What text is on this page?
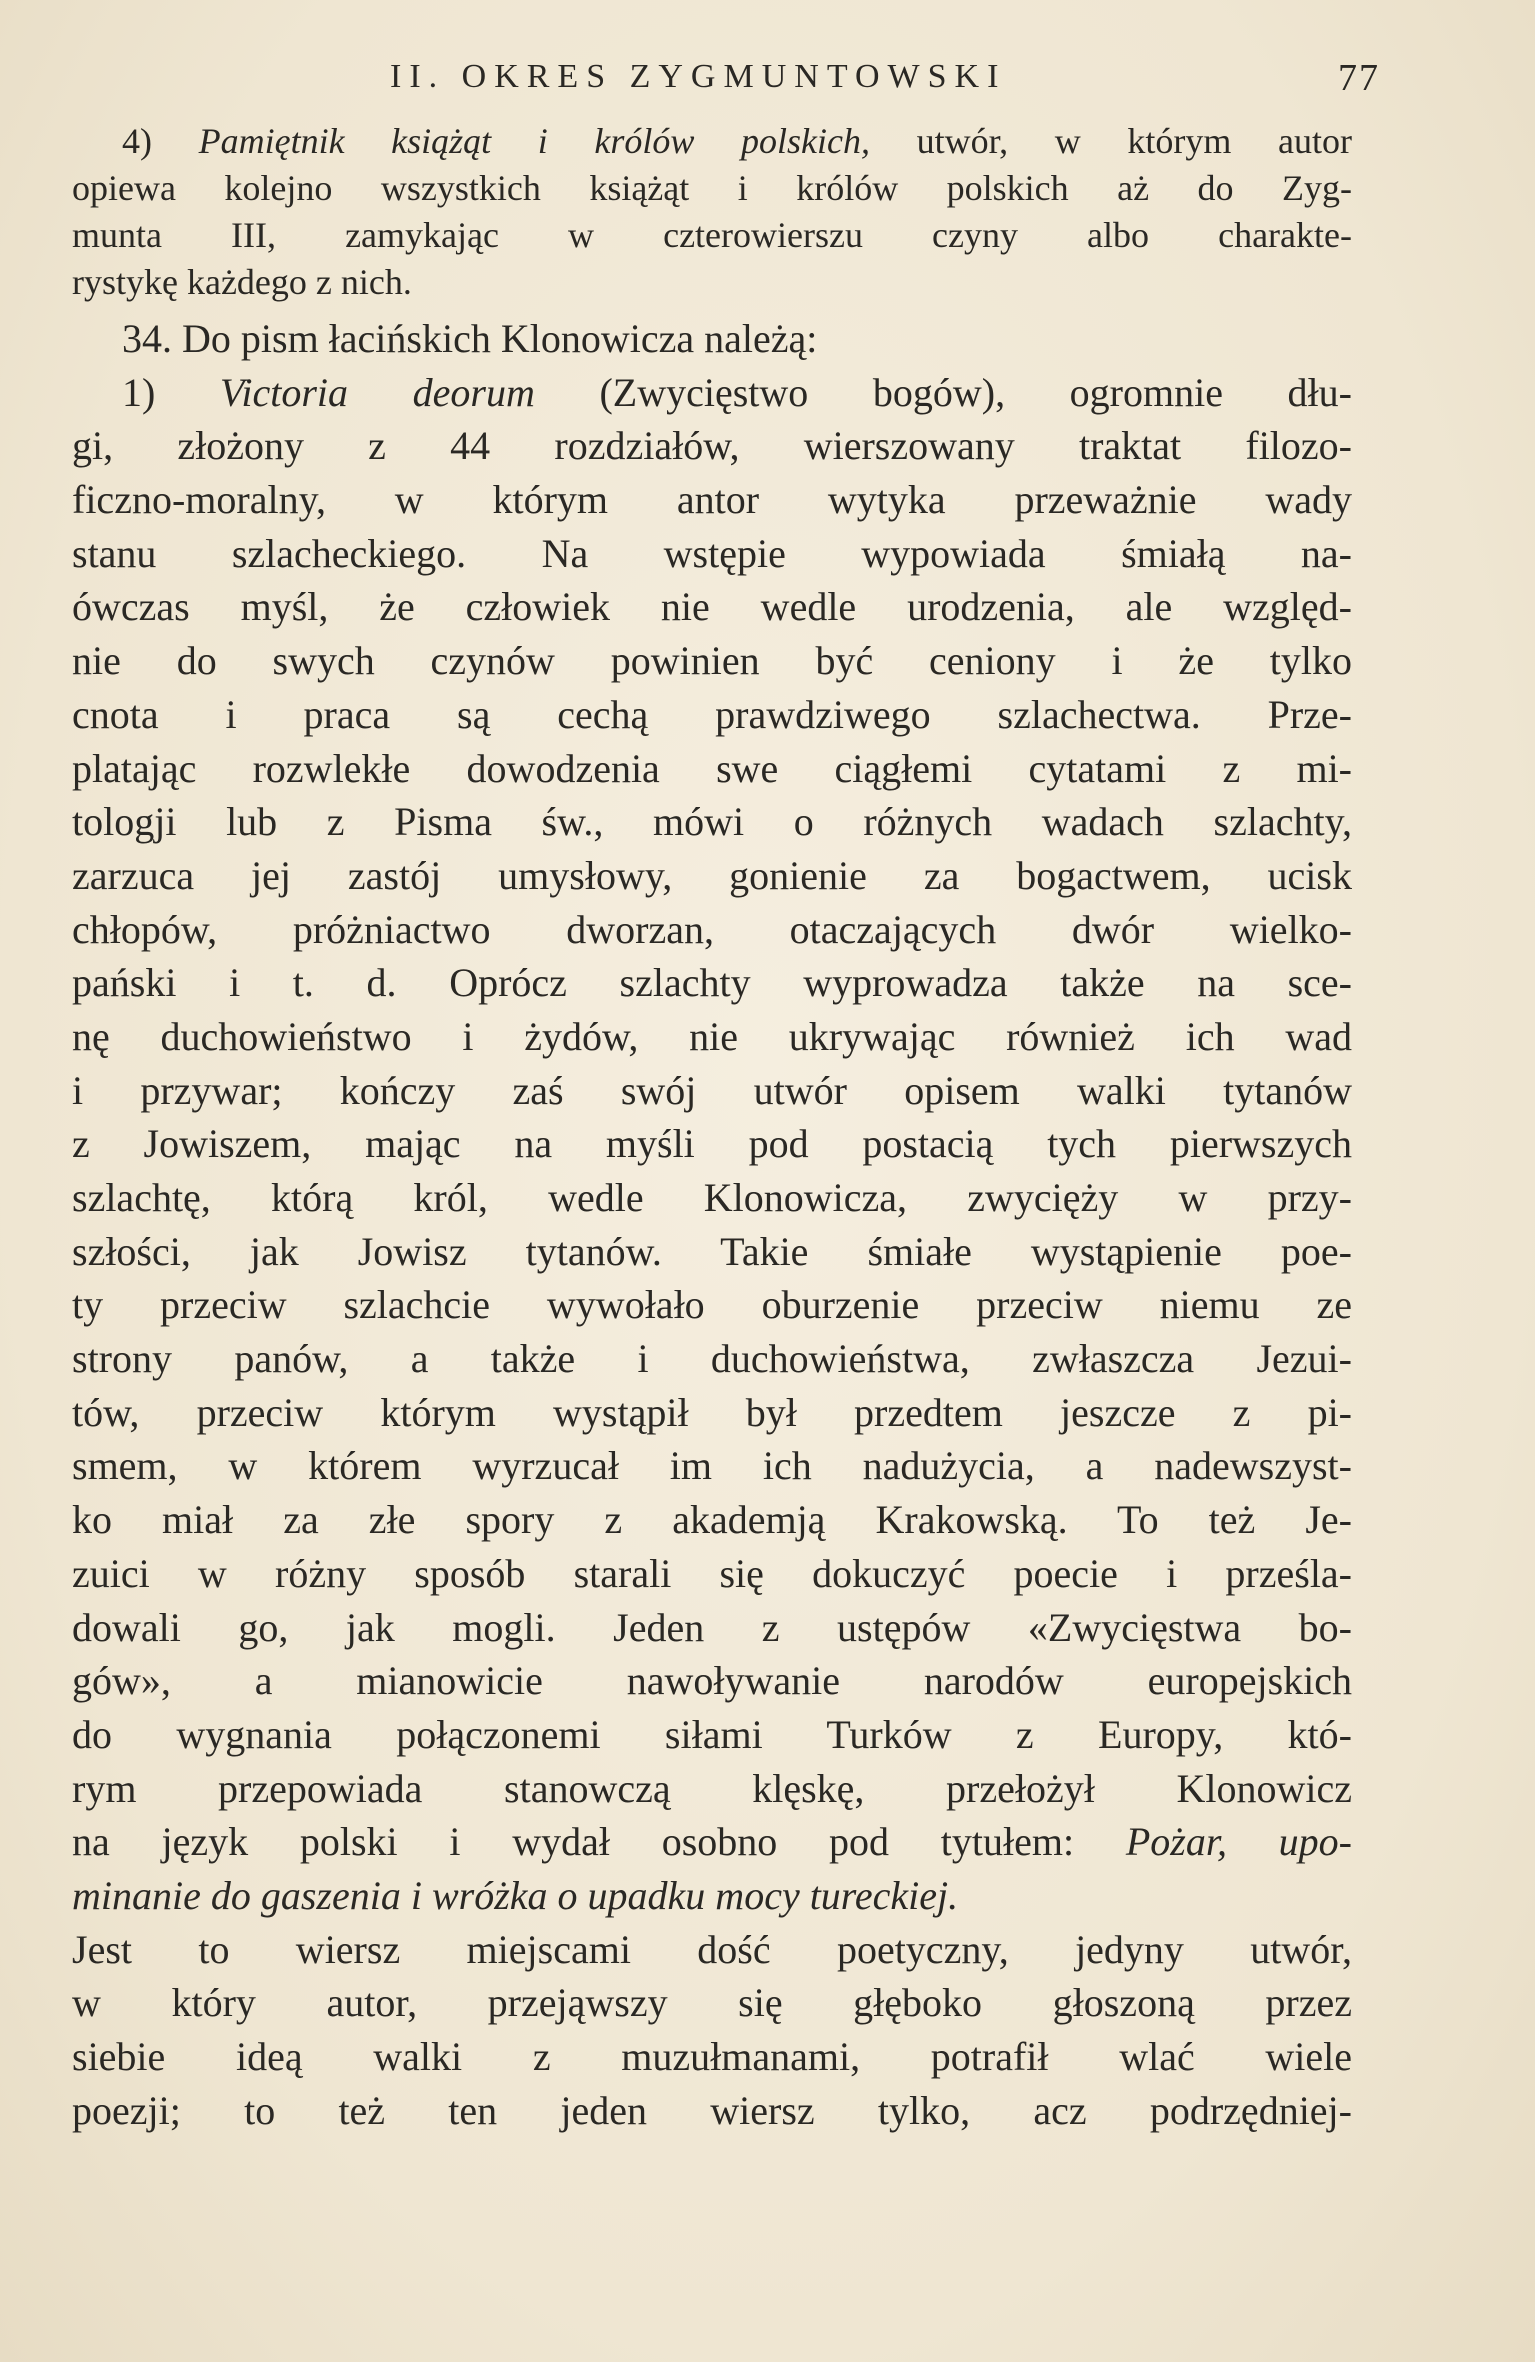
II. OKRES ZYGMUNTOWSKI	77
4) Pamiętnik książąt i królów polskich, utwór, w którym autor
opiewa kolejno wszystkich książąt i królów polskich aż do Zyg-
munta III, zamykając w czterowierszu czyny albo charakte-
rystykę każdego z nich.
34. Do pism łacińskich Klonowicza należą:
1) Victoria deorum (Zwycięstwo bogów), ogromnie dłu-
gi, złożony z 44 rozdziałów, wierszowany traktat filozo-
ficzno-moralny, w którym antor wytyka przeważnie wady
stanu szlacheckiego. Na wstępie wypowiada śmiałą na-
ówczas myśl, że człowiek nie wedle urodzenia, ale względ-
nie do swych czynów powinien być ceniony i że tylko
cnota i praca są cechą prawdziwego szlachectwa. Prze-
platając rozwlekłe dowodzenia swe ciągłemi cytatami z mi-
tologji lub z Pisma św., mówi o różnych wadach szlachty,
zarzuca jej zastój umysłowy, gonienie za bogactwem, ucisk
chłopów, próżniactwo dworzan, otaczających dwór wielko-
pański i t. d. Oprócz szlachty wyprowadza także na sce-
nę duchowieństwo i żydów, nie ukrywając również ich wad
i przywar; kończy zaś swój utwór opisem walki tytanów
z Jowiszem, mając na myśli pod postacią tych pierwszych
szlachtę, którą król, wedle Klonowicza, zwycięży w przy-
szłości, jak Jowisz tytanów. Takie śmiałe wystąpienie poe-
ty przeciw szlachcie wywołało oburzenie przeciw niemu ze
strony panów, a także i duchowieństwa, zwłaszcza Jezui-
tów, przeciw którym wystąpił był przedtem jeszcze z pi-
smem, w którem wyrzucał im ich nadużycia, a nadewszyst-
ko miał za złe spory z akademją Krakowską. To też Je-
zuici w różny sposób starali się dokuczyć poecie i prześla-
dowali go, jak mogli. Jeden z ustępów «Zwycięstwa bo-
gów», a mianowicie nawoływanie narodów europejskich
do wygnania połączonemi siłami Turków z Europy, któ-
rym przepowiada stanowczą klęskę, przełożył Klonowicz
na język polski i wydał osobno pod tytułem: Pożar, upo-
minanie do gaszenia i wróżka o upadku mocy tureckiej.
Jest to wiersz miejscami dość poetyczny, jedyny utwór,
w który autor, przejąwszy się głęboko głoszoną przez
siebie ideą walki z muzułmanami, potrafił wlać wiele
poezji; to też ten jeden wiersz tylko, acz podrzędniej-
